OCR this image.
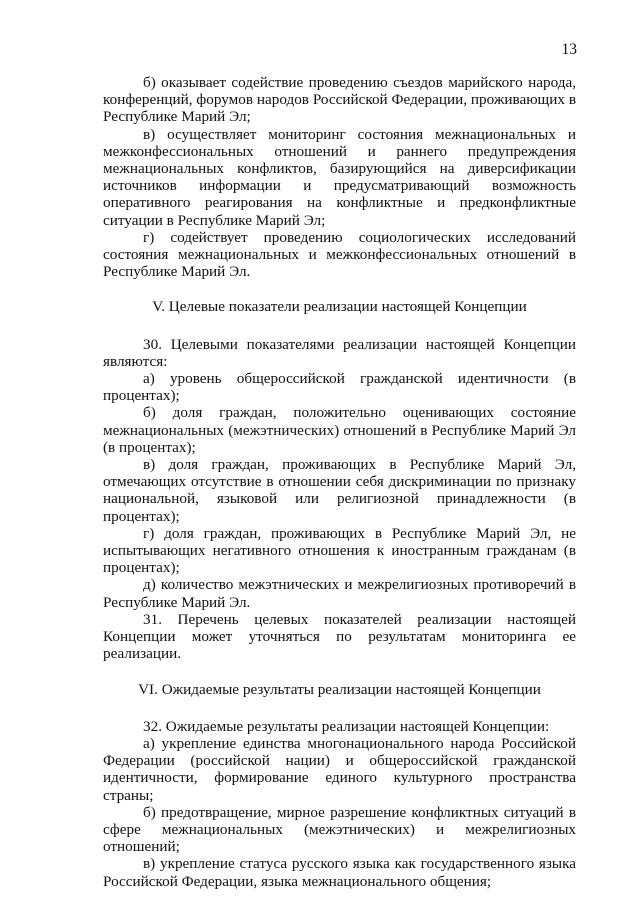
13

б) оказывает содействие проведению съездов марийского народа, конференций, форумов народов Российской Федерации, проживающих в Республике Марий Эл;

в) осуществляет мониторинг состояния межнациональных и межконфессиональных отношений и раннего предупреждения межнациональных конфликтов, базирующийся на диверсификации источников информации и предусматривающий возможность оперативного реагирования на конфликтные и предконфликтные ситуации в Республике Марий Эл;

г) содействует проведению социологических исследований состояния межнациональных и межконфессиональных отношений в Республике Марий Эл.

V. Целевые показатели реализации настоящей Концепции

30. Целевыми показателями реализации настоящей Концепции являются:

а) уровень общероссийской гражданской идентичности (в процентах);

б) доля граждан, положительно оценивающих состояние межнациональных (межэтнических) отношений в Республике Марий Эл (в процентах);

в) доля граждан, проживающих в Республике Марий Эл, отмечающих отсутствие в отношении себя дискриминации по признаку национальной, языковой или религиозной принадлежности (в процентах);

г) доля граждан, проживающих в Республике Марий Эл, не испытывающих негативного отношения к иностранным гражданам (в процентах);

д) количество межэтнических и межрелигиозных противоречий в Республике Марий Эл.

31. Перечень целевых показателей реализации настоящей Концепции может уточняться по результатам мониторинга ее реализации.

VI. Ожидаемые результаты реализации настоящей Концепции

32. Ожидаемые результаты реализации настоящей Концепции:

а) укрепление единства многонационального народа Российской Федерации (российской нации) и общероссийской гражданской идентичности, формирование единого культурного пространства страны;

б) предотвращение, мирное разрешение конфликтных ситуаций в сфере межнациональных (межэтнических) и межрелигиозных отношений;

в) укрепление статуса русского языка как государственного языка Российской Федерации, языка межнационального общения;
